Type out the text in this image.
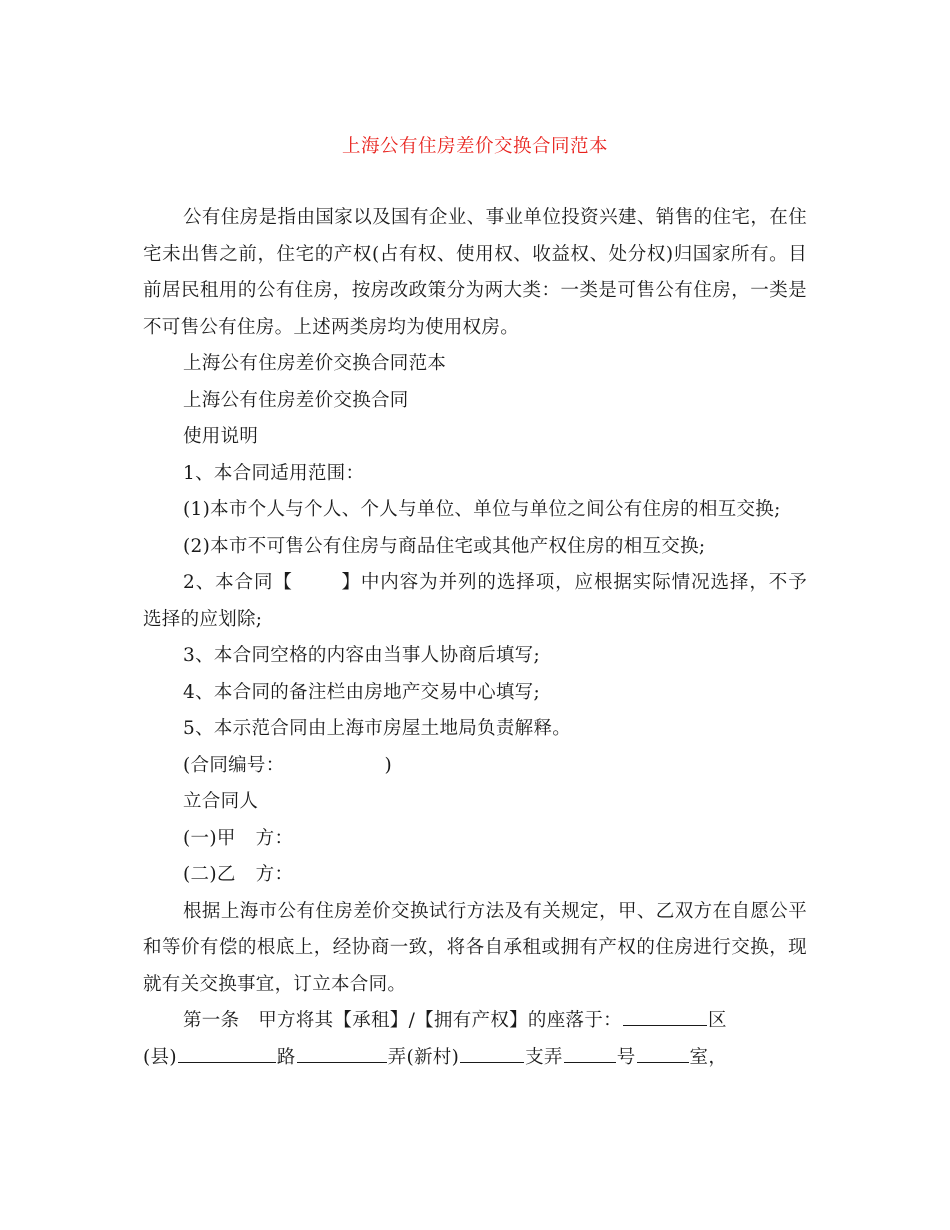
上海公有住房差价交换合同范本

公有住房是指由国家以及国有企业、事业单位投资兴建、销售的住宅，在住宅未出售之前，住宅的产权(占有权、使用权、收益权、处分权)归国家所有。目前居民租用的公有住房，按房改政策分为两大类：一类是可售公有住房，一类是不可售公有住房。上述两类房均为使用权房。

上海公有住房差价交换合同范本

上海公有住房差价交换合同

使用说明

1、本合同适用范围：

(1)本市个人与个人、个人与单位、单位与单位之间公有住房的相互交换;

(2)本市不可售公有住房与商品住宅或其他产权住房的相互交换;

2、本合同【	】中内容为并列的选择项，应根据实际情况选择，不予选择的应划除;

3、本合同空格的内容由当事人协商后填写;

4、本合同的备注栏由房地产交易中心填写;

5、本示范合同由上海市房屋土地局负责解释。

(合同编号：	)

立合同人

(一)甲 方：

(二)乙 方：

根据上海市公有住房差价交换试行方法及有关规定，甲、乙双方在自愿公平和等价有偿的根底上，经协商一致，将各自承租或拥有产权的住房进行交换，现就有关交换事宜，订立本合同。

第一条　甲方将其【承租】/【拥有产权】的座落于：	区

(县)	路	弄(新村)	支弄	号	室，
